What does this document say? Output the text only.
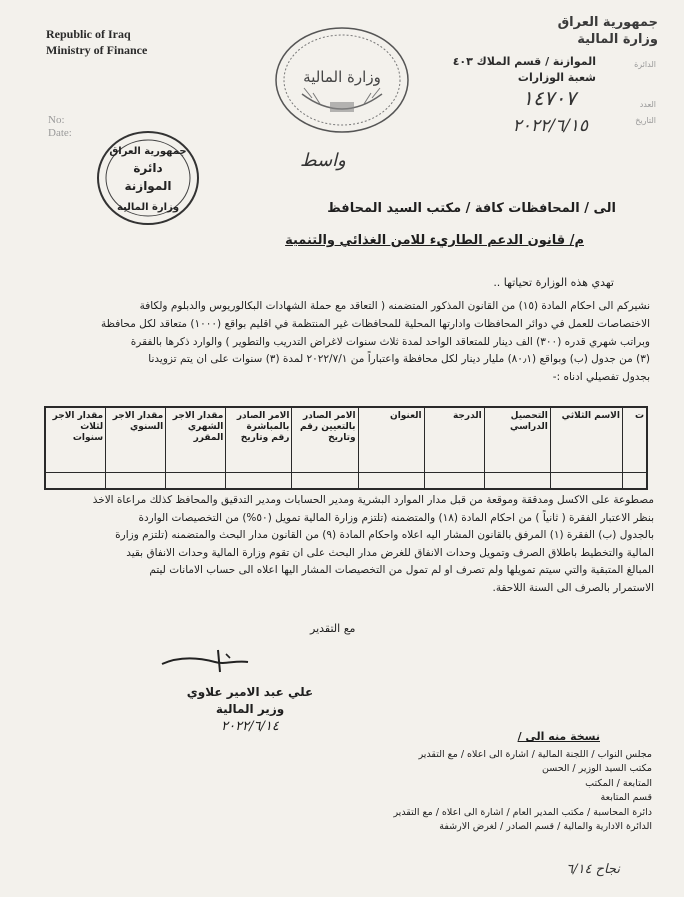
Republic of Iraq
Ministry of Finance
No:
Date:
جمهورية العراق
وزارة المالية
الموازنة / قسم الملاك ٤٠٣
شعبة الوزارات
الدائرة
العدد
التاريخ
١٤٧٠٧
٢٠٢٢/٦/١٥
وزارة المالية
جمهورية العراق
دائرة
الموازنة
وزارة المالية
واسط
الى / المحافظات كافة / مكتب السيد المحافظ
م/ قانون الدعم الطاريء للامن الغذائي والتنمية
تهدي هذه الوزارة تحياتها ..
نشيركم الى احكام المادة (١٥) من القانون المذكور المتضمنه ( التعاقد مع حملة الشهادات البكالوريوس والدبلوم ولكافة
الاختصاصات للعمل في دوائر المحافظات وادارتها المحلية للمحافظات غير المنتظمة في اقليم بواقع (١٠٠٠) متعاقد لكل محافظة
وبراتب شهري قدره (٣٠٠) الف دينار للمتعاقد الواحد لمدة ثلاث سنوات لاغراض التدريب والتطوير ) والوارد ذكرها بالفقرة
(٣) من جدول (ب) وبواقع (٨٠٫١) مليار دينار لكل محافظة واعتباراً من ٢٠٢٢/٧/١ لمدة (٣) سنوات على ان يتم تزويدنا
بجدول تفصيلي ادناه :-
ت	الاسم الثلاثي	التحصيل الدراسي	الدرجة	العنوان	الامر الصادر بالتعيين رقم وتاريخ	الامر الصادر بالمباشرة رقم وتاريخ	مقدار الاجر الشهري المقرر	مقدار الاجر السنوي	مقدار الاجر لثلاث سنوات

مصطوعة على الاكسل ومدققة وموقعة من قبل مدار الموارد البشرية ومدير الحسابات ومدير التدقيق والمحافظ كذلك مراعاة الاخذ
بنظر الاعتبار الفقرة ( ثانياً ) من احكام المادة (١٨) والمتضمنه (تلتزم وزارة المالية تمويل (٥٠%) من التخصيصات الواردة
بالجدول (ب) الفقرة (١) المرفق بالقانون المشار اليه اعلاه واحكام المادة (٩) من القانون مدار البحث والمتضمنه (تلتزم وزارة
المالية والتخطيط باطلاق الصرف وتمويل وحدات الانفاق للغرض مدار البحث على ان تقوم وزارة المالية وحدات الانفاق بقيد
المبالغ المتبقية والتي سيتم تمويلها ولم تصرف او لم تمول من التخصيصات المشار اليها اعلاه الى حساب الامانات ليتم
الاستمرار بالصرف الى السنة اللاحقة.
مع التقدير
علي عبد الامير علاوي
وزير المالية
٢٠٢٢/٦/١٤
نسخة منه الى /
مجلس النواب / اللجنة المالية / اشارة الى اعلاه / مع التقدير
مكتب السيد الوزير / الحسن
المتابعة / المكتب
قسم المتابعة
دائرة المحاسبة / مكتب المدير العام / اشارة الى اعلاه / مع التقدير
الدائرة الادارية والمالية / قسم الصادر / لغرض الارشفة
نجاح ٦/١٤
